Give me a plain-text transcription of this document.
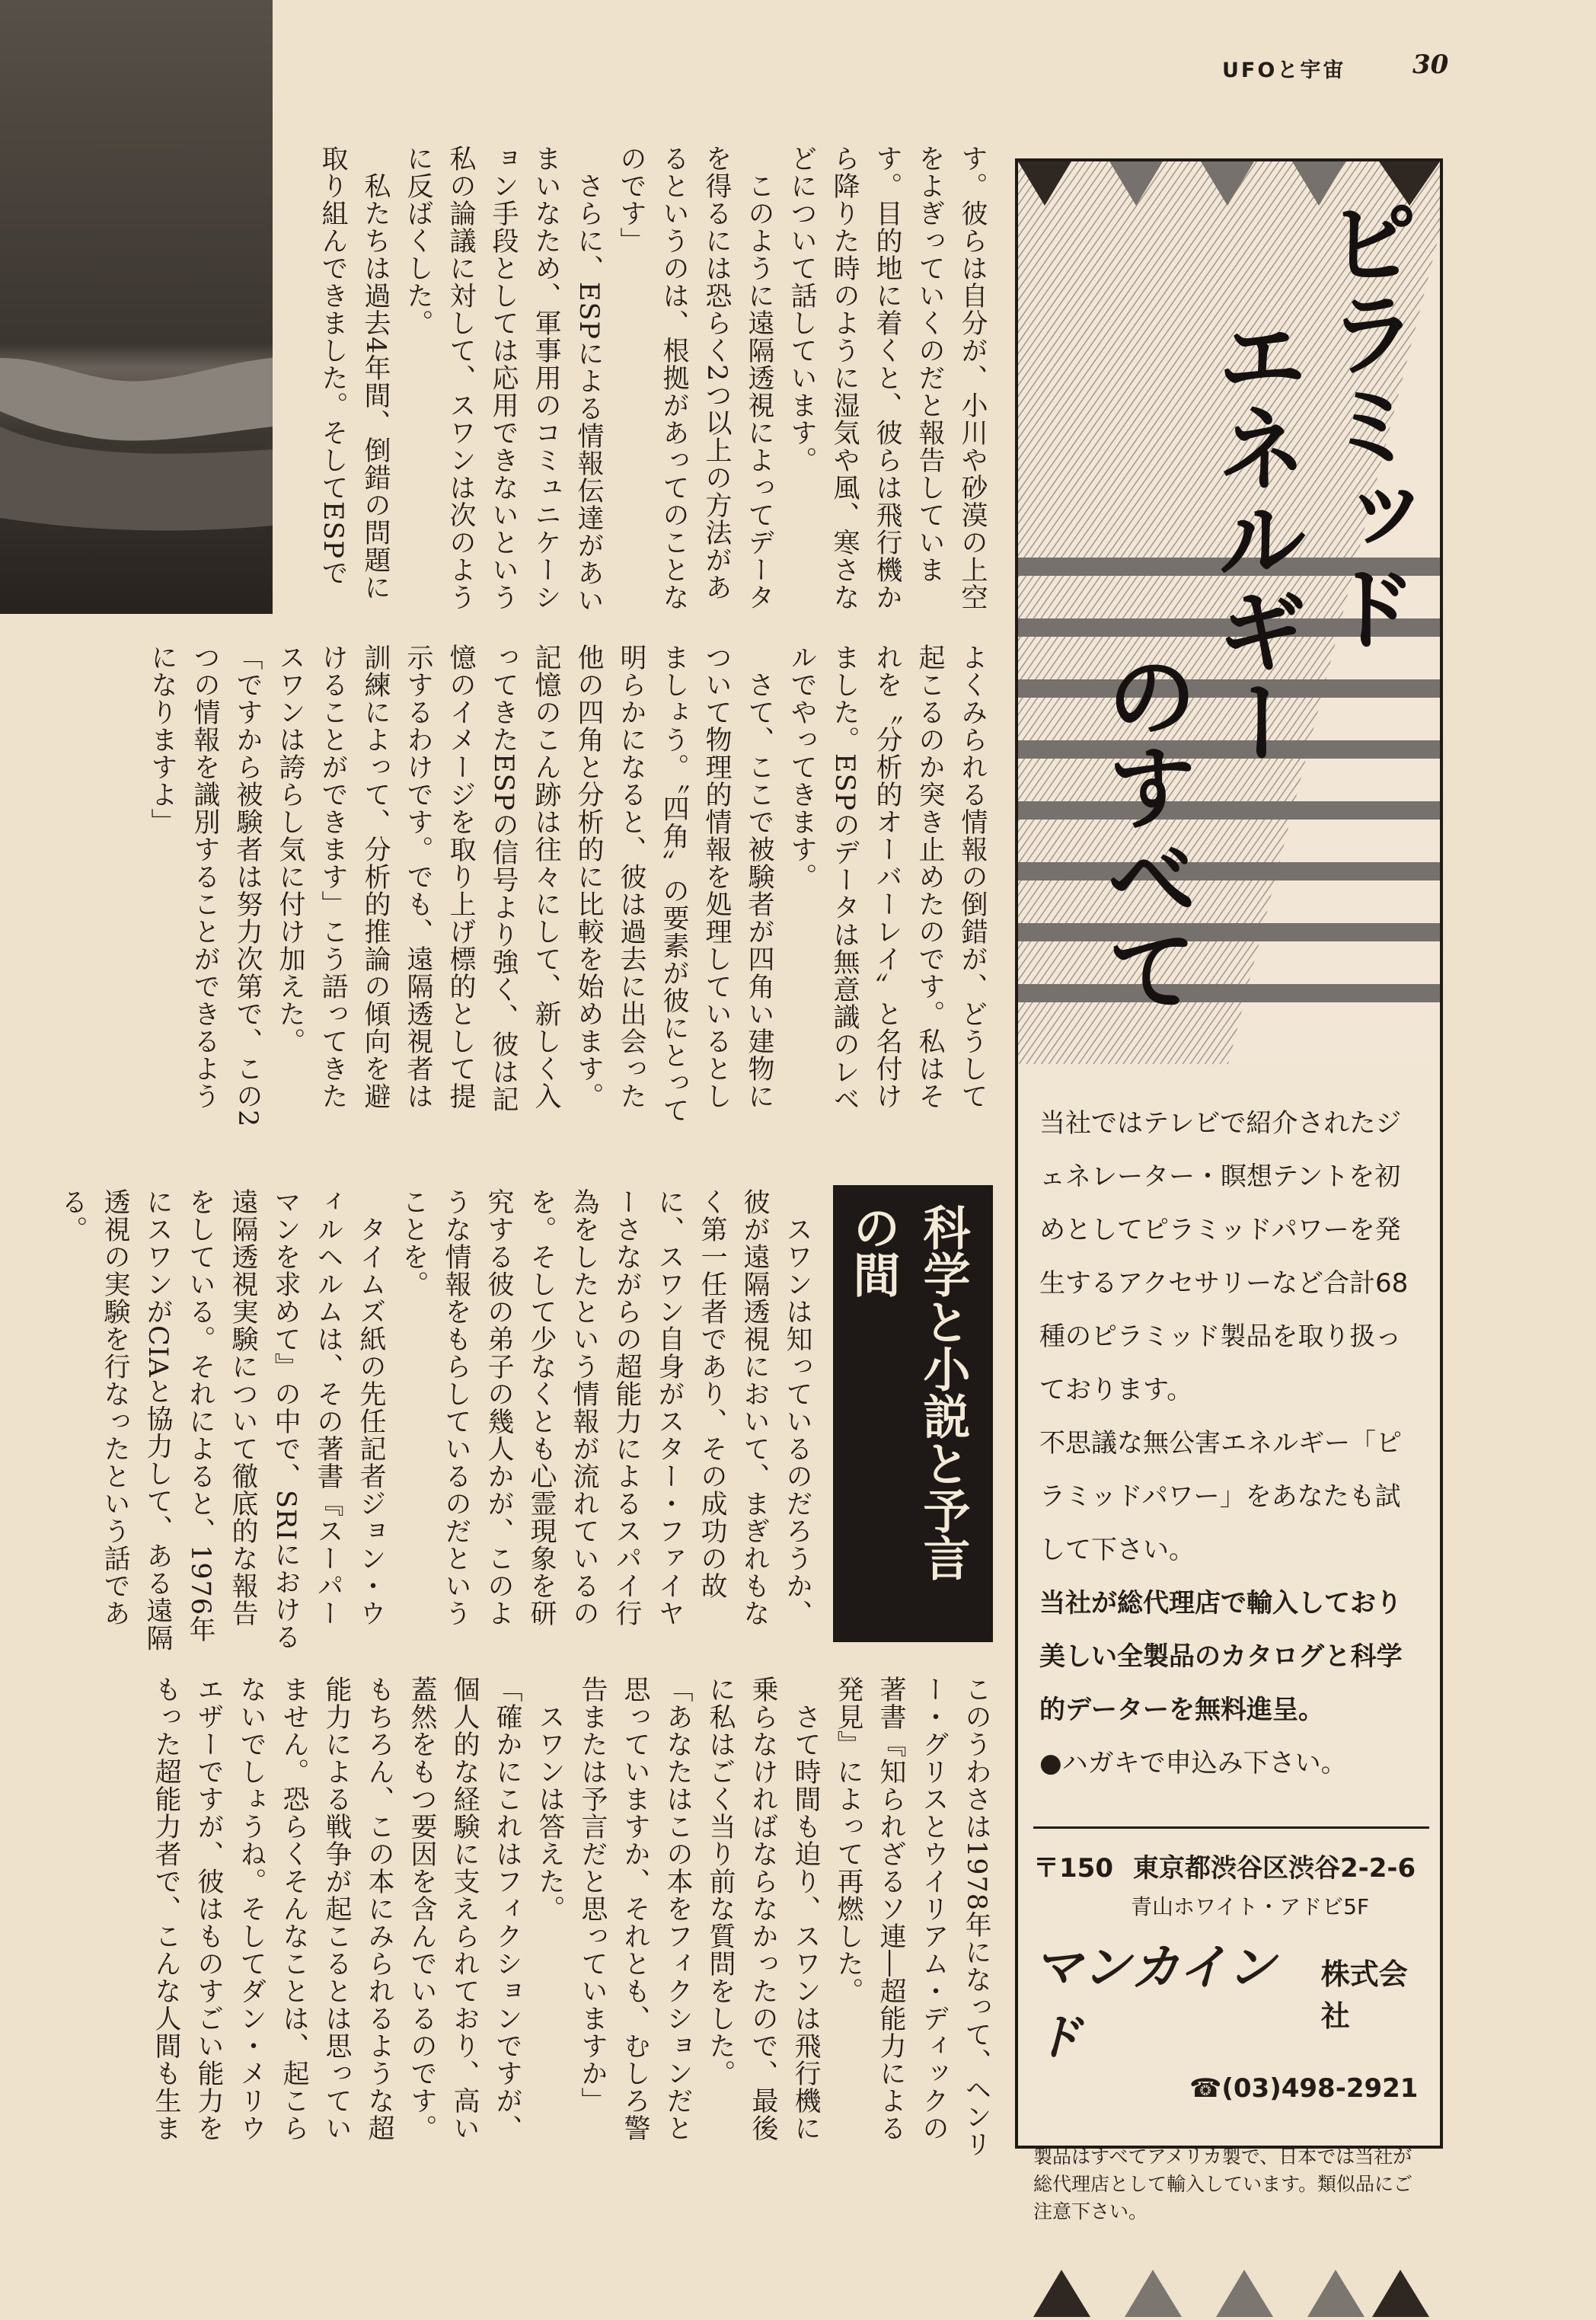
UFOと宇宙	30
す。彼らは自分が、小川や砂漠の上空をよぎっていくのだと報告しています。目的地に着くと、彼らは飛行機から降りた時のように湿気や風、寒さなどについて話しています。
　このように遠隔透視によってデータを得るには恐らく2つ以上の方法があるというのは、根拠があってのことなのです」
　さらに、ESPによる情報伝達があいまいなため、軍事用のコミュニケーション手段としては応用できないという私の論議に対して、スワンは次のように反ばくした。
　私たちは過去4年間、倒錯の問題に取り組んできました。そしてESPで
よくみられる情報の倒錯が、どうして起こるのか突き止めたのです。私はそれを〝分析的オーバーレイ〟と名付けました。ESPのデータは無意識のレベルでやってきます。
　さて、ここで被験者が四角い建物について物理的情報を処理しているとしましょう。〝四角〟の要素が彼にとって明らかになると、彼は過去に出会った他の四角と分析的に比較を始めます。記憶のこん跡は往々にして、新しく入ってきたESPの信号より強く、彼は記憶のイメージを取り上げ標的として提示するわけです。でも、遠隔透視者は訓練によって、分析的推論の傾向を避けることができます」こう語ってきたスワンは誇らし気に付け加えた。
「ですから被験者は努力次第で、この2つの情報を識別することができるようになりますよ」
科学と小説と予言の間
　スワンは知っているのだろうか、彼が遠隔透視において、まぎれもなく第一任者であり、その成功の故に、スワン自身がスター・ファイヤーさながらの超能力によるスパイ行為をしたという情報が流れているのを。そして少なくとも心霊現象を研究する彼の弟子の幾人かが、このような情報をもらしているのだということを。
　タイムズ紙の先任記者ジョン・ウィルヘルムは、その著書『スーパーマンを求めて』の中で、SRIにおける遠隔透視実験について徹底的な報告をしている。それによると、1976年にスワンがCIAと協力して、ある遠隔透視の実験を行なったという話である。
このうわさは1978年になって、ヘンリー・グリスとウイリアム・ディックの著書『知られざるソ連―超能力による発見』によって再燃した。
　さて時間も迫り、スワンは飛行機に乗らなければならなかったので、最後に私はごく当り前な質問をした。
「あなたはこの本をフィクションだと思っていますか、それとも、むしろ警告または予言だと思っていますか」
　スワンは答えた。
「確かにこれはフィクションですが、個人的な経験に支えられており、高い蓋然をもつ要因を含んでいるのです。もちろん、この本にみられるような超能力による戦争が起こるとは思っていません。恐らくそんなことは、起こらないでしょうね。そしてダン・メリウエザーですが、彼はものすごい能力をもった超能力者で、こんな人間も生ま
ピラミッド
エネルギー
のすべて
当社ではテレビで紹介されたジェネレーター・瞑想テントを初めとしてピラミッドパワーを発生するアクセサリーなど合計68種のピラミッド製品を取り扱っております。
不思議な無公害エネルギー「ピラミッドパワー」をあなたも試して下さい。
当社が総代理店で輸入しており美しい全製品のカタログと科学的データーを無料進呈。
●ハガキで申込み下さい。
〒150 東京都渋谷区渋谷2-2-6
青山ホワイト・アドビ5F
マンカインド
株式会社
☎(03)498-2921
製品はすべてアメリカ製で、日本では当社が総代理店として輸入しています。類似品にご注意下さい。
